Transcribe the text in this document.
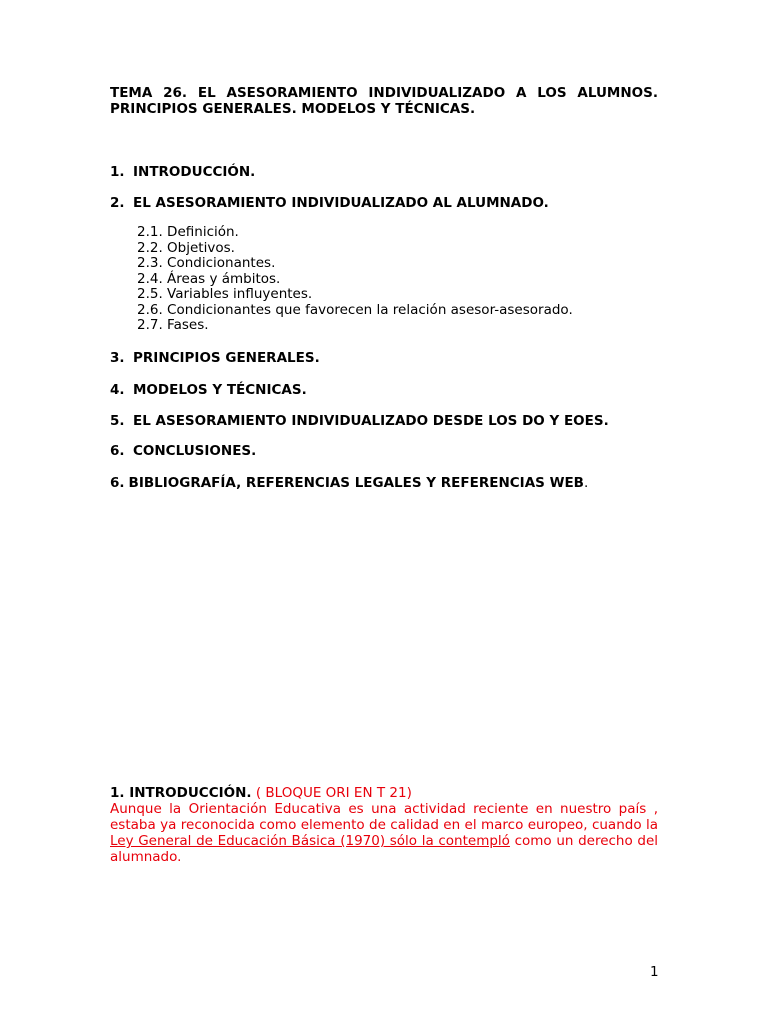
TEMA 26. EL ASESORAMIENTO INDIVIDUALIZADO A LOS ALUMNOS.
PRINCIPIOS GENERALES. MODELOS Y TÉCNICAS.
1. INTRODUCCIÓN.
2. EL ASESORAMIENTO INDIVIDUALIZADO AL ALUMNADO.
2.1. Definición.
2.2. Objetivos.
2.3. Condicionantes.
2.4. Áreas y ámbitos.
2.5. Variables influyentes.
2.6. Condicionantes que favorecen la relación asesor-asesorado.
2.7. Fases.
3. PRINCIPIOS GENERALES.
4. MODELOS Y TÉCNICAS.
5. EL ASESORAMIENTO INDIVIDUALIZADO DESDE LOS DO Y EOES.
6. CONCLUSIONES.
6. BIBLIOGRAFÍA, REFERENCIAS LEGALES Y REFERENCIAS WEB.
1. INTRODUCCIÓN. ( BLOQUE ORI EN T 21)
Aunque la Orientación Educativa es una actividad reciente en nuestro país , estaba ya reconocida como elemento de calidad en el marco europeo, cuando la Ley General de Educación Básica (1970) sólo la contempló como un derecho del alumnado.
1
